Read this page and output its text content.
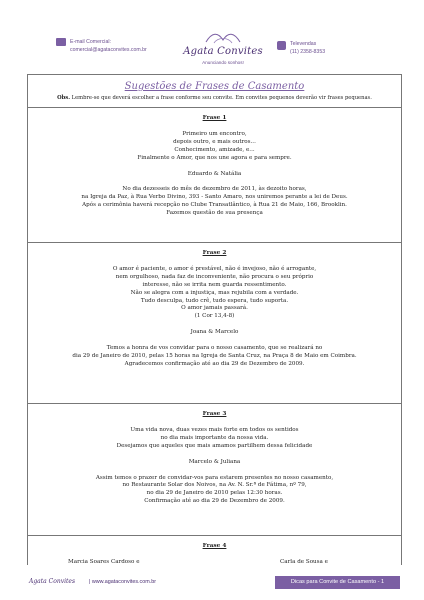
E-mail Comercial:
comercial@agataconvites.com.br	Agata Convites
Anunciando sonhos!
Televendas
(11) 2358-8353
Sugestões de Frases de Casamento
Obs. Lembre-se que deverá escolher a frase conforme seu convite. Em convites pequenos deverão vir frases pequenas.
Frase 1
Primeiro um encontro,
depois outro, e mais outros...
Conhecimento, amizade, e...
Finalmente o Amor, que nos une agora e para sempre.
Eduardo & Natália
No dia dezesseis do mês de dezembro de 2011, às dezoito horas,
na Igreja da Paz, à Rua Verbo Divino, 393 - Santo Amaro, nos uniremos perante a lei de Deus.
Após a cerimônia haverá recepção no Clube Transatlântico, à Rua 21 de Maio, 166, Brooklin.
Fazemos questão de sua presença
Frase 2
O amor é paciente, o amor é prestável, não é invejoso, não é arrogante,
nem orgulhoso, nada faz de inconveniente, não procura o seu próprio
interesse, não se irrita nem guarda ressentimento.
Não se alegra com a injustiça, mas rejubila com a verdade.
Tudo desculpa, tudo crê, tudo espera, tudo suporta.
O amor jamais passará.
(1 Cor 13,4-8)
Joana & Marcelo
Temos a honra de vos convidar para o nosso casamento, que se realizará no
dia 29 de Janeiro de 2010, pelas 15 horas na Igreja de Santa Cruz, na Praça 8 de Maio em Coimbra.
Agradecemos confirmação até ao dia 29 de Dezembro de 2009.
Frase 3
Uma vida nova, duas vezes mais forte em todos os sentidos
no dia mais importante da nossa vida.
Desejamos que aqueles que mais amamos partilhem dessa felicidade
Marcelo & Juliana
Assim temos o prazer de convidar-vos para estarem presentes no nosso casamento,
no Restaurante Solar dos Noivos, na Av. N. Sr.ª de Fátima, nº 79,
no dia 29 de Janeiro de 2010 pelas 12:30 horas.
Confirmação até ao dia 29 de Dezembro de 2009.
Frase 4
Marcia Soares Cardoso e	Carla de Sousa e
Agata Convites	| www.agataconvites.com.br	Dicas para Convite de Casamento - 1
